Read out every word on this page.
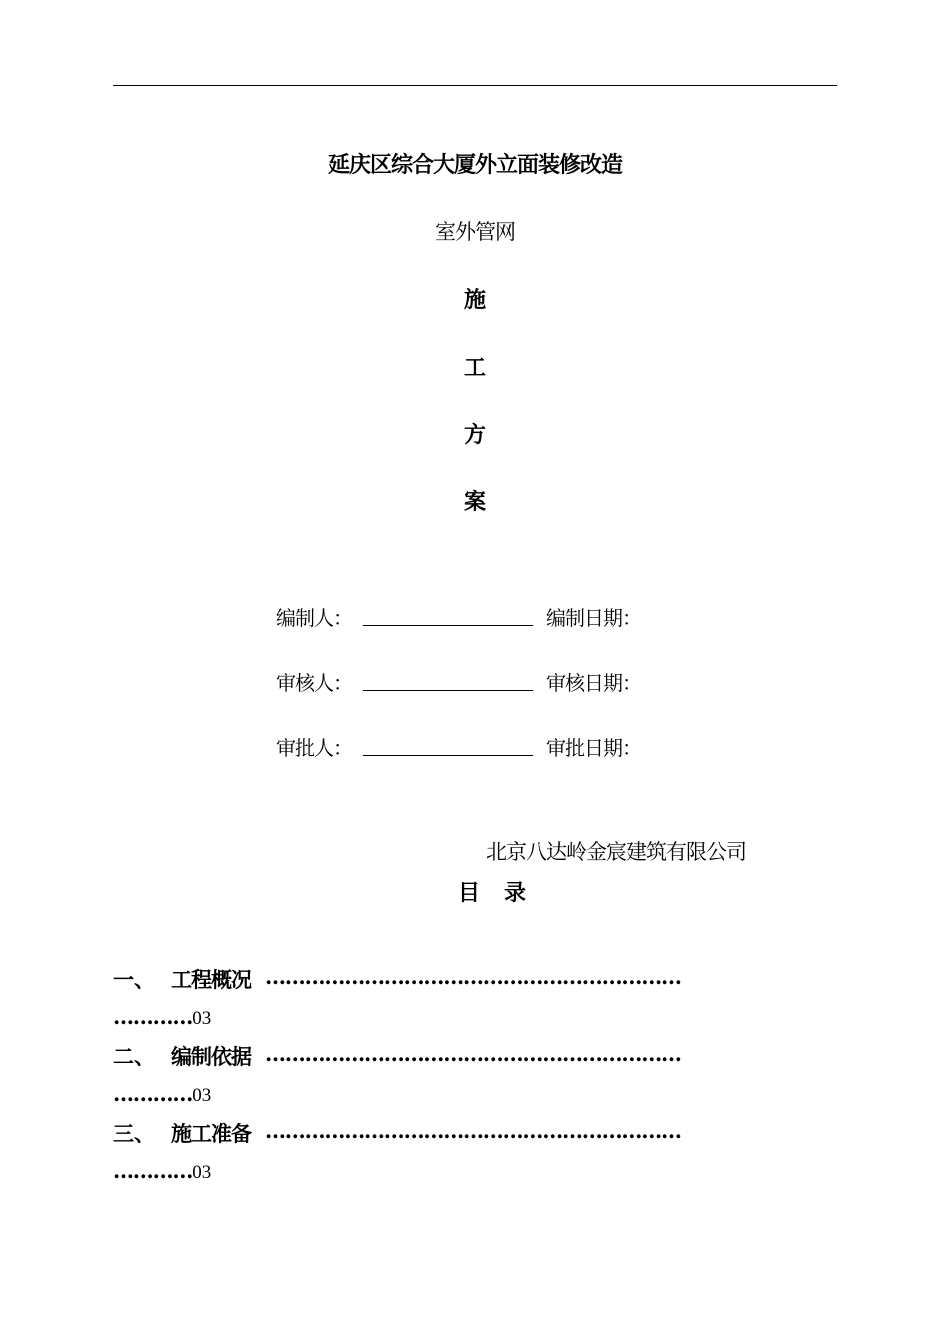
延庆区综合大厦外立面装修改造
室外管网
施
工
方
案
编制人：	编制日期：
审核人：	审核日期：
审批人：	审批日期：
北京八达岭金宸建筑有限公司
目 录
一、 工程概况 ………………………………………………………
…………03
二、 编制依据 ………………………………………………………
…………03
三、 施工准备 ………………………………………………………
…………03
